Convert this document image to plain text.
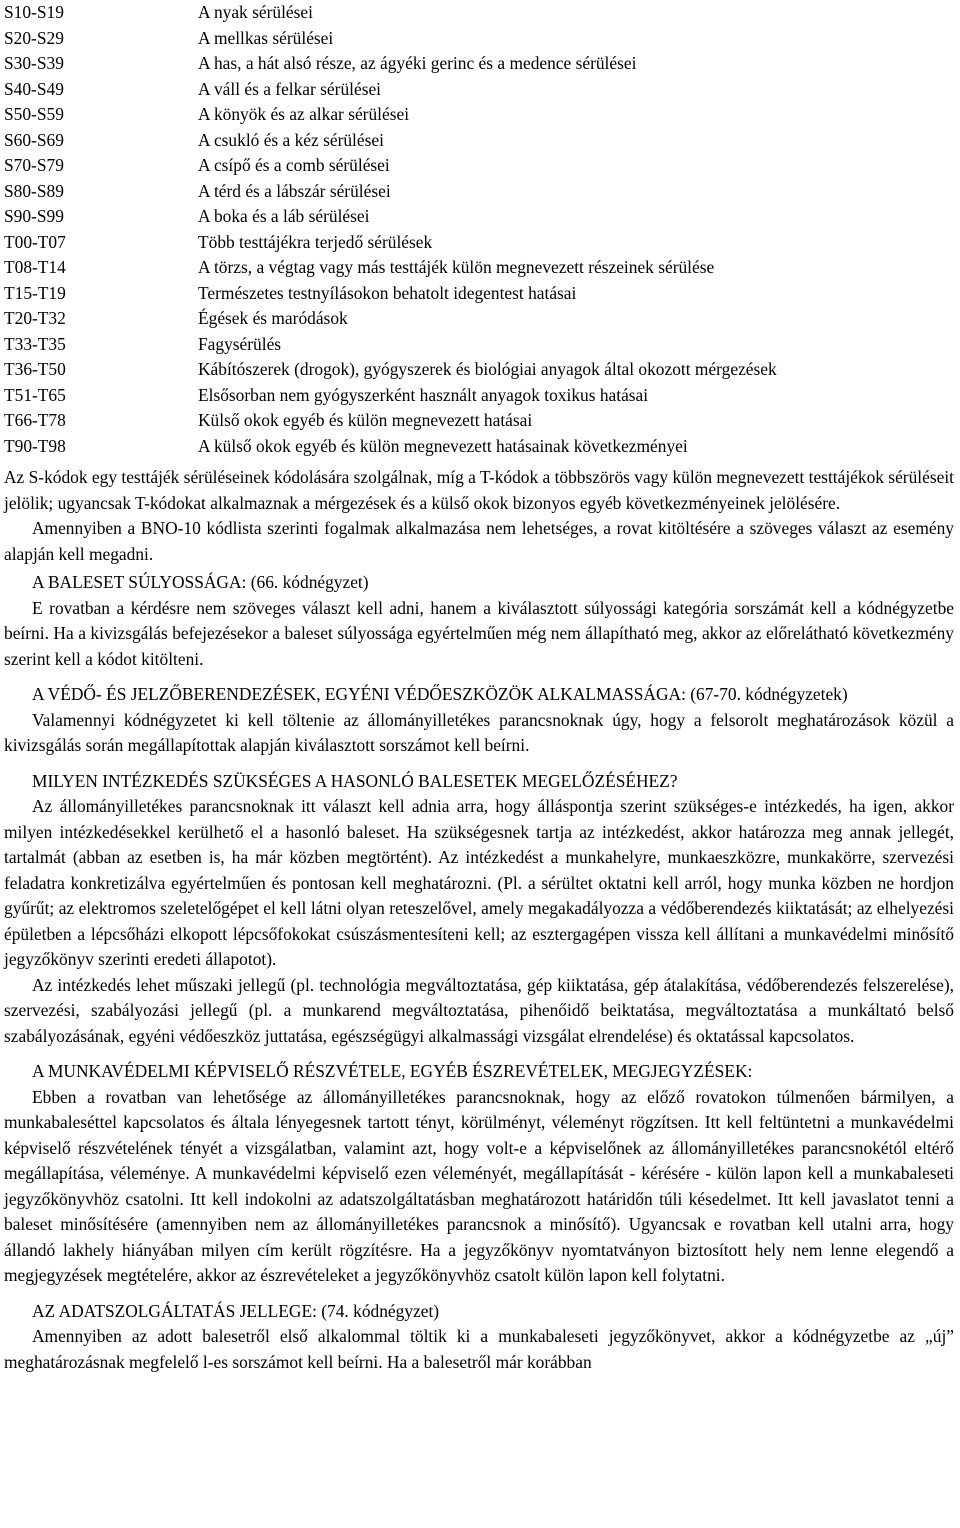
S10-S19	A nyak sérülései
S20-S29	A mellkas sérülései
S30-S39	A has, a hát alsó része, az ágyéki gerinc és a medence sérülései
S40-S49	A váll és a felkar sérülései
S50-S59	A könyök és az alkar sérülései
S60-S69	A csukló és a kéz sérülései
S70-S79	A csípő és a comb sérülései
S80-S89	A térd és a lábszár sérülései
S90-S99	A boka és a láb sérülései
T00-T07	Több testtájékra terjedő sérülések
T08-T14	A törzs, a végtag vagy más testtájék külön megnevezett részeinek sérülése
T15-T19	Természetes testnyílásokon behatolt idegentest hatásai
T20-T32	Égések és maródások
T33-T35	Fagysérülés
T36-T50	Kábítószerek (drogok), gyógyszerek és biológiai anyagok által okozott mérgezések
T51-T65	Elsősorban nem gyógyszerként használt anyagok toxikus hatásai
T66-T78	Külső okok egyéb és külön megnevezett hatásai
T90-T98	A külső okok egyéb és külön megnevezett hatásainak következményei

Az S-kódok egy testtájék sérüléseinek kódolására szolgálnak, míg a T-kódok a többszörös vagy külön megnevezett testtájékok sérüléseit jelölik; ugyancsak T-kódokat alkalmaznak a mérgezések és a külső okok bizonyos egyéb következményeinek jelölésére.

Amennyiben a BNO-10 kódlista szerinti fogalmak alkalmazása nem lehetséges, a rovat kitöltésére a szöveges választ az esemény alapján kell megadni.

A BALESET SÚLYOSSÁGA: (66. kódnégyzet)

E rovatban a kérdésre nem szöveges választ kell adni, hanem a kiválasztott súlyossági kategória sorszámát kell a kódnégyzetbe beírni. Ha a kivizsgálás befejezésekor a baleset súlyossága egyértelműen még nem állapítható meg, akkor az előrelátható következmény szerint kell a kódot kitölteni.

A VÉDŐ- ÉS JELZŐBERENDEZÉSEK, EGYÉNI VÉDŐESZKÖZÖK ALKALMASSÁGA: (67-70. kódnégyzetek)

Valamennyi kódnégyzetet ki kell töltenie az állományilletékes parancsnoknak úgy, hogy a felsorolt meghatározások közül a kivizsgálás során megállapítottak alapján kiválasztott sorszámot kell beírni.

MILYEN INTÉZKEDÉS SZÜKSÉGES A HASONLÓ BALESETEK MEGELŐZÉSÉHEZ?

Az állományilletékes parancsnoknak itt választ kell adnia arra, hogy álláspontja szerint szükséges-e intézkedés, ha igen, akkor milyen intézkedésekkel kerülhető el a hasonló baleset. Ha szükségesnek tartja az intézkedést, akkor határozza meg annak jellegét, tartalmát (abban az esetben is, ha már közben megtörtént). Az intézkedést a munkahelyre, munkaeszközre, munkakörre, szervezési feladatra konkretizálva egyértelműen és pontosan kell meghatározni. (Pl. a sérültet oktatni kell arról, hogy munka közben ne hordjon gyűrűt; az elektromos szeletelőgépet el kell látni olyan reteszelővel, amely megakadályozza a védőberendezés kiiktatását; az elhelyezési épületben a lépcsőházi elkopott lépcsőfokokat csúszásmentesíteni kell; az esztergagépen vissza kell állítani a munkavédelmi minősítő jegyzőkönyv szerinti eredeti állapotot).

Az intézkedés lehet műszaki jellegű (pl. technológia megváltoztatása, gép kiiktatása, gép átalakítása, védőberendezés felszerelése), szervezési, szabályozási jellegű (pl. a munkarend megváltoztatása, pihenőidő beiktatása, megváltoztatása a munkáltató belső szabályozásának, egyéni védőeszköz juttatása, egészségügyi alkalmassági vizsgálat elrendelése) és oktatással kapcsolatos.

A MUNKAVÉDELMI KÉPVISELŐ RÉSZVÉTELE, EGYÉB ÉSZREVÉTELEK, MEGJEGYZÉSEK:

Ebben a rovatban van lehetősége az állományilletékes parancsnoknak, hogy az előző rovatokon túlmenően bármilyen, a munkabaleséttel kapcsolatos és általa lényegesnek tartott tényt, körülményt, véleményt rögzítsen. Itt kell feltüntetni a munkavédelmi képviselő részvételének tényét a vizsgálatban, valamint azt, hogy volt-e a képviselőnek az állományilletékes parancsnokétól eltérő megállapítása, véleménye. A munkavédelmi képviselő ezen véleményét, megállapítását - kérésére - külön lapon kell a munkabaleseti jegyzőkönyvhöz csatolni. Itt kell indokolni az adatszolgáltatásban meghatározott határidőn túli késedelmet. Itt kell javaslatot tenni a baleset minősítésére (amennyiben nem az állományilletékes parancsnok a minősítő). Ugyancsak e rovatban kell utalni arra, hogy állandó lakhely hiányában milyen cím került rögzítésre. Ha a jegyzőkönyv nyomtatványon biztosított hely nem lenne elegendő a megjegyzések megtételére, akkor az észrevételeket a jegyzőkönyvhöz csatolt külön lapon kell folytatni.

AZ ADATSZOLGÁLTATÁS JELLEGE: (74. kódnégyzet)

Amennyiben az adott balesetről első alkalommal töltik ki a munkabaleseti jegyzőkönyvet, akkor a kódnégyzetbe az „új” meghatározásnak megfelelő l-es sorszámot kell beírni. Ha a balesetről már korábban
